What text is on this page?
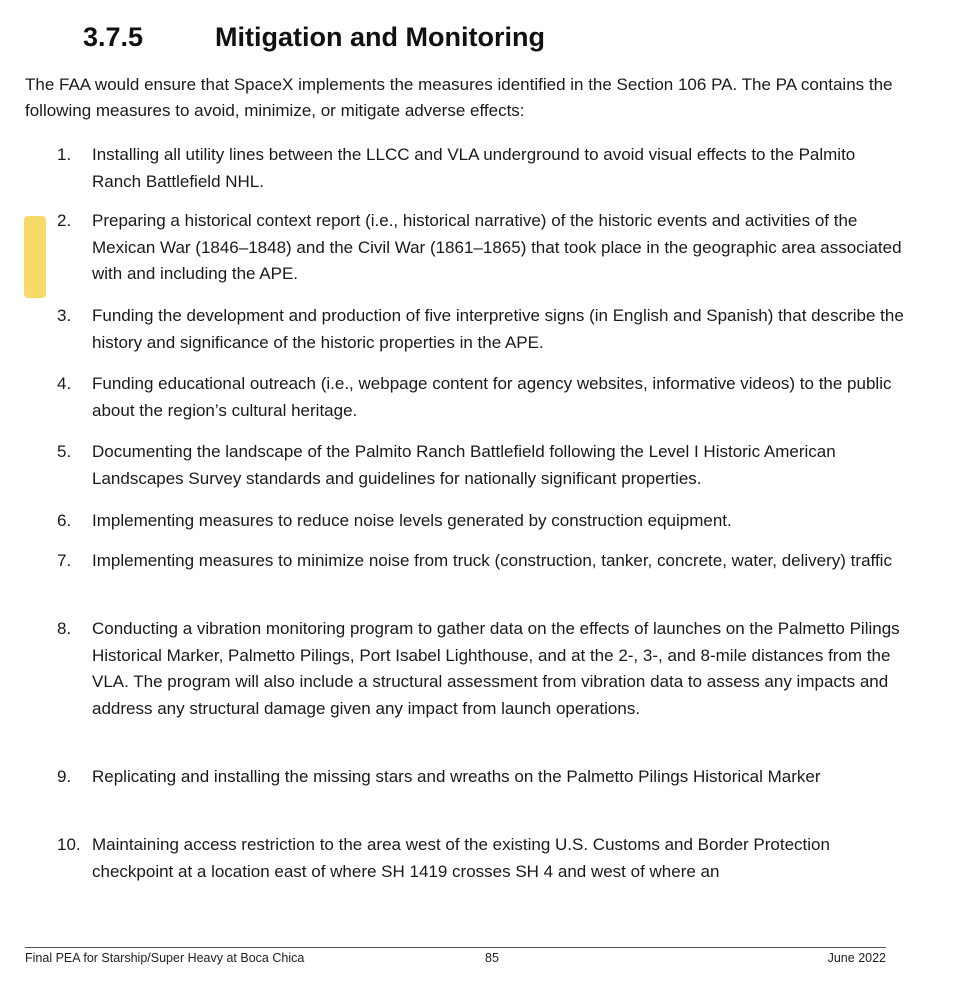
3.7.5	Mitigation and Monitoring

The FAA would ensure that SpaceX implements the measures identified in the Section 106 PA. The PA contains the following measures to avoid, minimize, or mitigate adverse effects:

1.	Installing all utility lines between the LLCC and VLA underground to avoid visual effects to the Palmito Ranch Battlefield NHL.
2.	Preparing a historical context report (i.e., historical narrative) of the historic events and activities of the Mexican War (1846–1848) and the Civil War (1861–1865) that took place in the geographic area associated with and including the APE.
3.	Funding the development and production of five interpretive signs (in English and Spanish) that describe the history and significance of the historic properties in the APE.
4.	Funding educational outreach (i.e., webpage content for agency websites, informative videos) to the public about the region’s cultural heritage.
5.	Documenting the landscape of the Palmito Ranch Battlefield following the Level I Historic American Landscapes Survey standards and guidelines for nationally significant properties.
6.	Implementing measures to reduce noise levels generated by construction equipment.
7.	Implementing measures to minimize noise from truck (construction, tanker, concrete, water, delivery) traffic
8.	Conducting a vibration monitoring program to gather data on the effects of launches on the Palmetto Pilings Historical Marker, Palmetto Pilings, Port Isabel Lighthouse, and at the 2-, 3-, and 8-mile distances from the VLA. The program will also include a structural assessment from vibration data to assess any impacts and address any structural damage given any impact from launch operations.
9.	Replicating and installing the missing stars and wreaths on the Palmetto Pilings Historical Marker
10. Maintaining access restriction to the area west of the existing U.S. Customs and Border Protection checkpoint at a location east of where SH 1419 crosses SH 4 and west of where an
Final PEA for Starship/Super Heavy at Boca Chica	85	June 2022
